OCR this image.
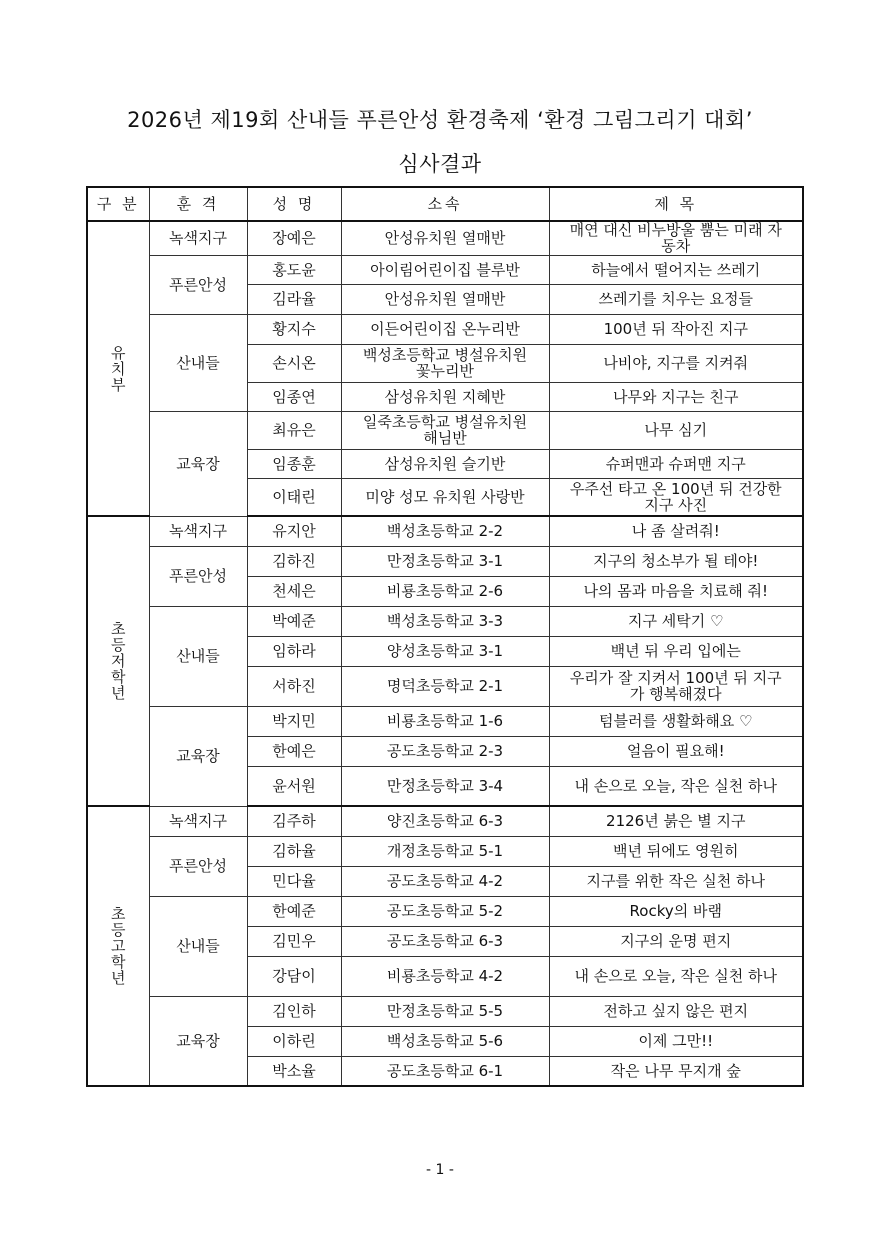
2026년 제19회 산내들 푸른안성 환경축제 ‘환경 그림그리기 대회’
심사결과
구 분	훈 격	성 명	소속	제 목
유치부	녹색지구	장예은	안성유치원 열매반	매연 대신 비누방울 뿜는 미래 자동차
	푸른안성	홍도윤	아이림어린이집 블루반	하늘에서 떨어지는 쓰레기
		김라율	안성유치원 열매반	쓰레기를 치우는 요정들
	산내들	황지수	이든어린이집 온누리반	100년 뒤 작아진 지구
		손시온	백성초등학교 병설유치원 꽃누리반	나비야, 지구를 지켜줘
		임종연	삼성유치원 지혜반	나무와 지구는 친구
	교육장	최유은	일죽초등학교 병설유치원 해님반	나무 심기
		임종훈	삼성유치원 슬기반	슈퍼맨과 슈퍼맨 지구
		이태린	미양 성모 유치원 사랑반	우주선 타고 온 100년 뒤 건강한 지구 사진
초등 저학년	녹색지구	유지안	백성초등학교 2-2	나 좀 살려줘!
	푸른안성	김하진	만정초등학교 3-1	지구의 청소부가 될 테야!
		천세은	비룡초등학교 2-6	나의 몸과 마음을 치료해 줘!
	산내들	박예준	백성초등학교 3-3	지구 세탁기 ♡
		임하라	양성초등학교 3-1	백년 뒤 우리 입에는
		서하진	명덕초등학교 2-1	우리가 잘 지켜서 100년 뒤 지구가 행복해졌다
	교육장	박지민	비룡초등학교 1-6	텀블러를 생활화해요 ♡
		한예은	공도초등학교 2-3	얼음이 필요해!
		윤서원	만정초등학교 3-4	내 손으로 오늘, 작은 실천 하나
초등 고학년	녹색지구	김주하	양진초등학교 6-3	2126년 붉은 별 지구
	푸른안성	김하율	개정초등학교 5-1	백년 뒤에도 영원히
		민다율	공도초등학교 4-2	지구를 위한 작은 실천 하나
	산내들	한예준	공도초등학교 5-2	Rocky의 바램
		김민우	공도초등학교 6-3	지구의 운명 편지
		강담이	비룡초등학교 4-2	내 손으로 오늘, 작은 실천 하나
	교육장	김인하	만정초등학교 5-5	전하고 싶지 않은 편지
		이하린	백성초등학교 5-6	이제 그만!!
		박소율	공도초등학교 6-1	작은 나무 무지개 숲
- 1 -
